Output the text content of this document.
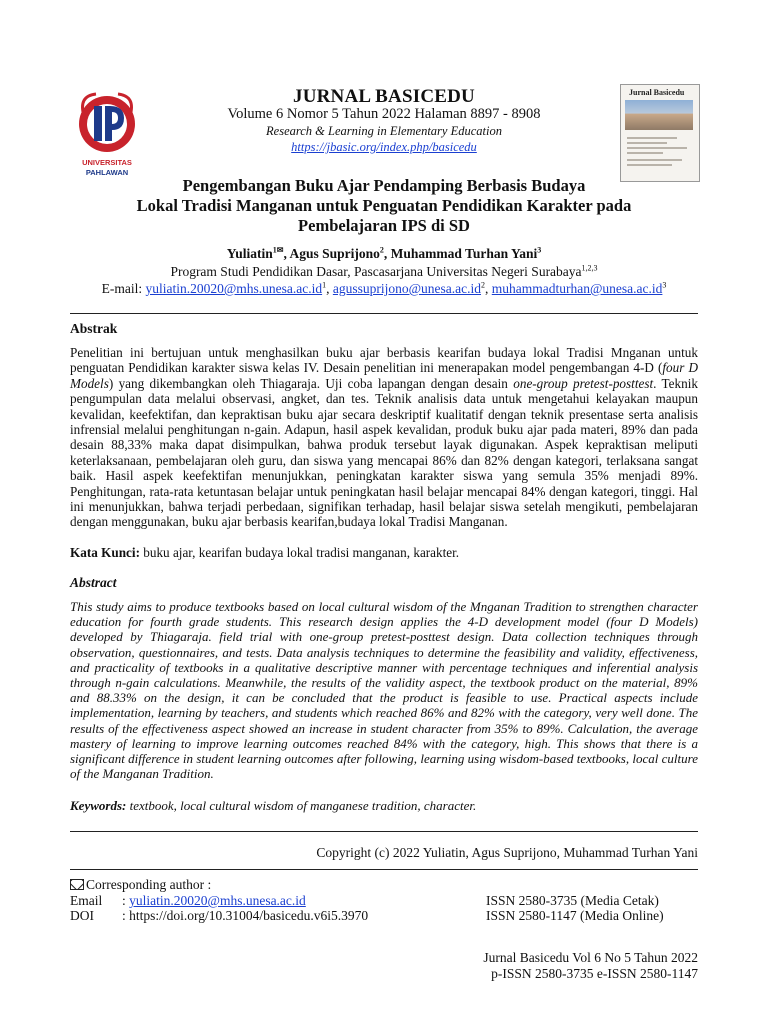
UNIVERSITAS
PAHLAWAN
Jurnal Basicedu
JURNAL BASICEDU
Volume 6 Nomor 5 Tahun 2022 Halaman 8897 - 8908
Research & Learning in Elementary Education
https://jbasic.org/index.php/basicedu
Pengembangan Buku Ajar Pendamping Berbasis Budaya
Lokal Tradisi Manganan untuk Penguatan Pendidikan Karakter pada
Pembelajaran IPS di SD
Yuliatin$^{1✉}$, Agus Suprijono$^2$, Muhammad Turhan Yani$^3$
Program Studi Pendidikan Dasar, Pascasarjana Universitas Negeri Surabaya$^{1,2,3}$
E-mail: $yuliatin.20020@mhs.unesa.ac.id^1$, $agussuprijono@unesa.ac.id^2$, $muhammadturhan@unesa.ac.id^3$
Abstrak
Penelitian ini bertujuan untuk menghasilkan buku ajar berbasis kearifan budaya lokal Tradisi Mnganan untuk penguatan Pendidikan karakter siswa kelas IV. Desain penelitian ini menerapakan model pengembangan 4-D (four D Models) yang dikembangkan oleh Thiagaraja. Uji coba lapangan dengan desain one-group pretest-posttest. Teknik pengumpulan data melalui observasi, angket, dan tes. Teknik analisis data untuk mengetahui kelayakan maupun kevalidan, keefektifan, dan kepraktisan buku ajar secara deskriptif kualitatif dengan teknik presentase serta analisis infrensial melalui penghitungan n-gain. Adapun, hasil aspek kevalidan, produk buku ajar pada materi, 89% dan pada desain 88,33% maka dapat disimpulkan, bahwa produk tersebut layak digunakan. Aspek kepraktisan meliputi keterlaksanaan, pembelajaran oleh guru, dan siswa yang mencapai 86% dan 82% dengan kategori, terlaksana sangat baik. Hasil aspek keefektifan menunjukkan, peningkatan karakter siswa yang semula 35% menjadi 89%. Penghitungan, rata-rata ketuntasan belajar untuk peningkatan hasil belajar mencapai 84% dengan kategori, tinggi. Hal ini menunjukkan, bahwa terjadi perbedaan, signifikan terhadap, hasil belajar siswa setelah mengikuti, pembelajaran dengan menggunakan, buku ajar berbasis kearifan,budaya lokal Tradisi Manganan.
Kata Kunci: buku ajar, kearifan budaya lokal tradisi manganan, karakter.
Abstract
This study aims to produce textbooks based on local cultural wisdom of the Mnganan Tradition to strengthen character education for fourth grade students. This research design applies the 4-D development model (four D Models) developed by Thiagaraja. field trial with one-group pretest-posttest design. Data collection techniques through observation, questionnaires, and tests. Data analysis techniques to determine the feasibility and validity, effectiveness, and practicality of textbooks in a qualitative descriptive manner with percentage techniques and inferential analysis through n-gain calculations. Meanwhile, the results of the validity aspect, the textbook product on the material, 89% and 88.33% on the design, it can be concluded that the product is feasible to use. Practical aspects include implementation, learning by teachers, and students which reached 86% and 82% with the category, very well done. The results of the effectiveness aspect showed an increase in student character from 35% to 89%. Calculation, the average mastery of learning to improve learning outcomes reached 84% with the category, high. This shows that there is a significant difference in student learning outcomes after following, learning using wisdom-based textbooks, local culture of the Manganan Tradition.
Keywords: textbook, local cultural wisdom of manganese tradition, character.
Copyright (c) 2022 Yuliatin, Agus Suprijono, Muhammad Turhan Yani
Corresponding author :
Email : yuliatin.20020@mhs.unesa.ac.id
DOI : https://doi.org/10.31004/basicedu.v6i5.3970
ISSN 2580-3735 (Media Cetak)
ISSN 2580-1147 (Media Online)
Jurnal Basicedu Vol 6 No 5 Tahun 2022
p-ISSN 2580-3735 e-ISSN 2580-1147
